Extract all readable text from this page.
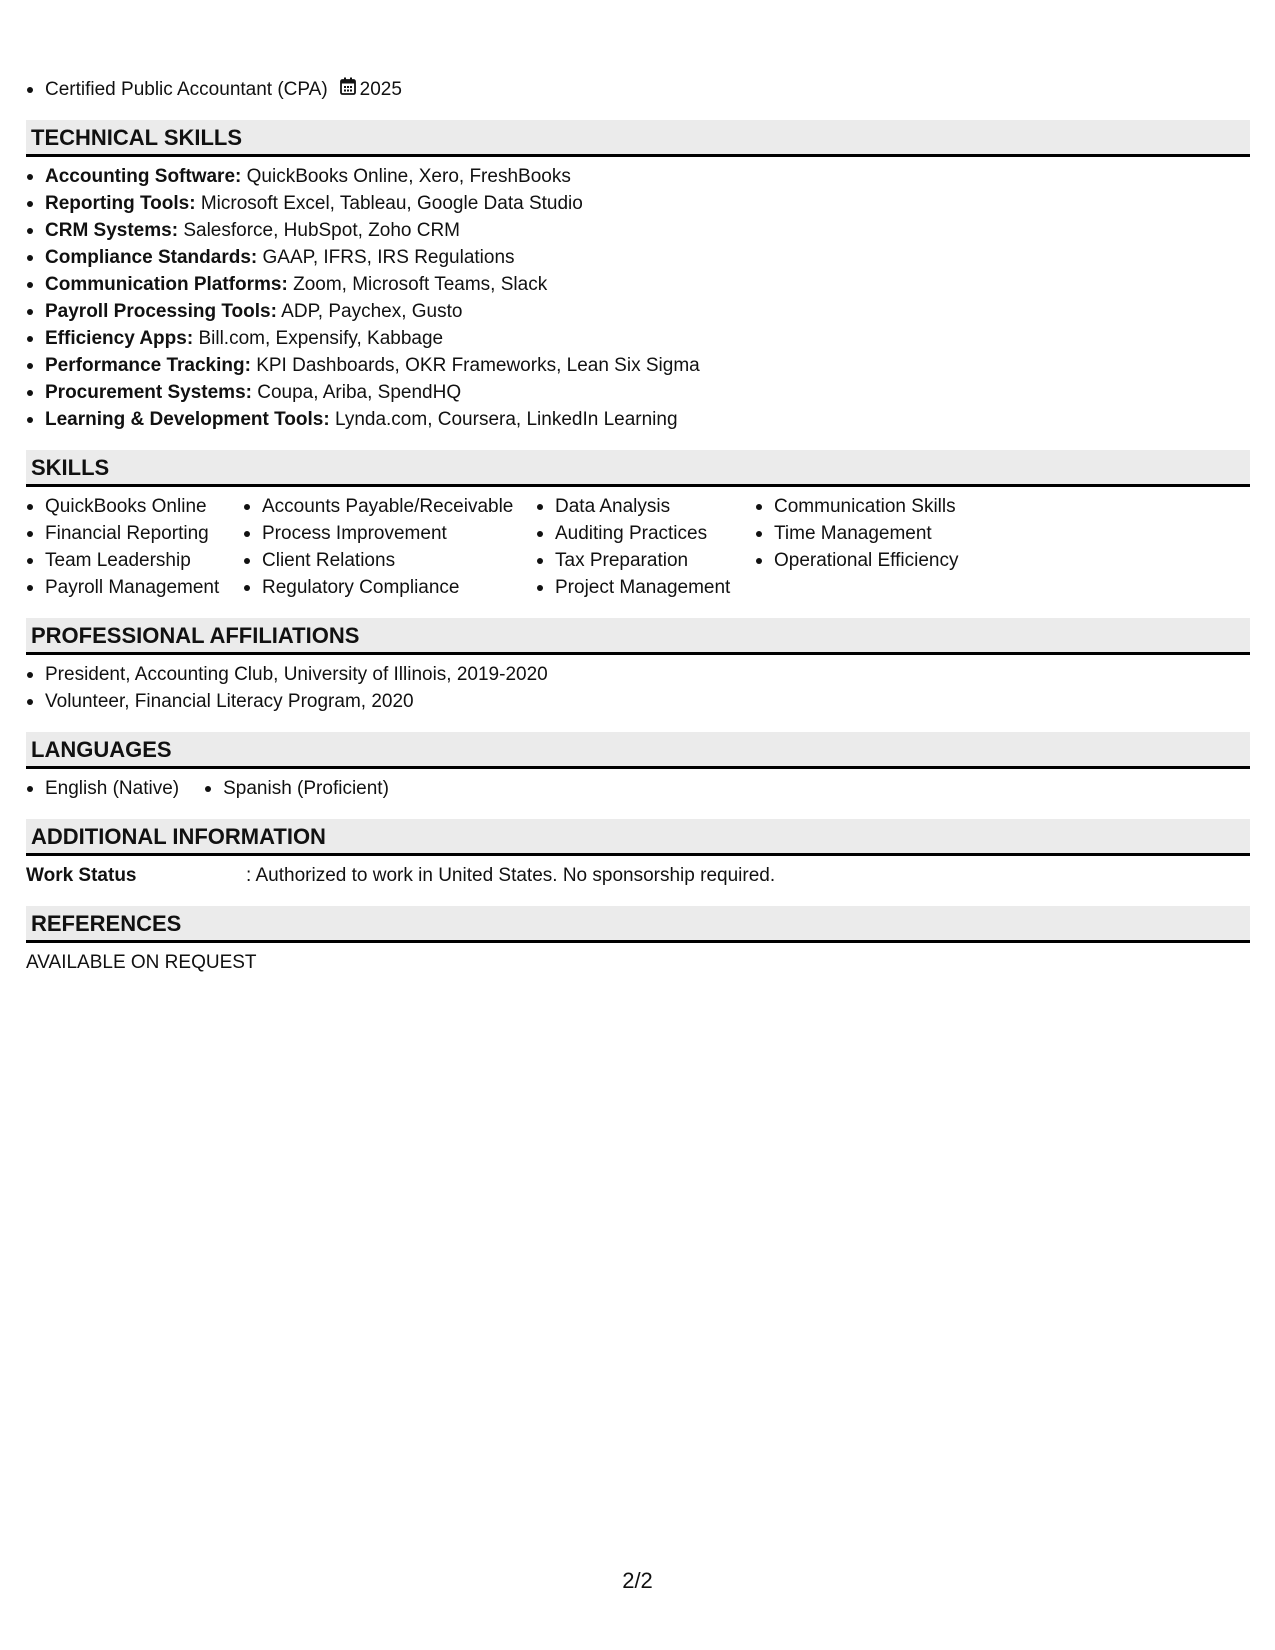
Certified Public Accountant (CPA) 2025
TECHNICAL SKILLS
Accounting Software: QuickBooks Online, Xero, FreshBooks
Reporting Tools: Microsoft Excel, Tableau, Google Data Studio
CRM Systems: Salesforce, HubSpot, Zoho CRM
Compliance Standards: GAAP, IFRS, IRS Regulations
Communication Platforms: Zoom, Microsoft Teams, Slack
Payroll Processing Tools: ADP, Paychex, Gusto
Efficiency Apps: Bill.com, Expensify, Kabbage
Performance Tracking: KPI Dashboards, OKR Frameworks, Lean Six Sigma
Procurement Systems: Coupa, Ariba, SpendHQ
Learning & Development Tools: Lynda.com, Coursera, LinkedIn Learning
SKILLS
QuickBooks Online
Financial Reporting
Team Leadership
Payroll Management
Accounts Payable/Receivable
Process Improvement
Client Relations
Regulatory Compliance
Data Analysis
Auditing Practices
Tax Preparation
Project Management
Communication Skills
Time Management
Operational Efficiency
PROFESSIONAL AFFILIATIONS
President, Accounting Club, University of Illinois, 2019-2020
Volunteer, Financial Literacy Program, 2020
LANGUAGES
English (Native)	Spanish (Proficient)
ADDITIONAL INFORMATION
Work Status	: Authorized to work in United States. No sponsorship required.
REFERENCES
AVAILABLE ON REQUEST
2/2
